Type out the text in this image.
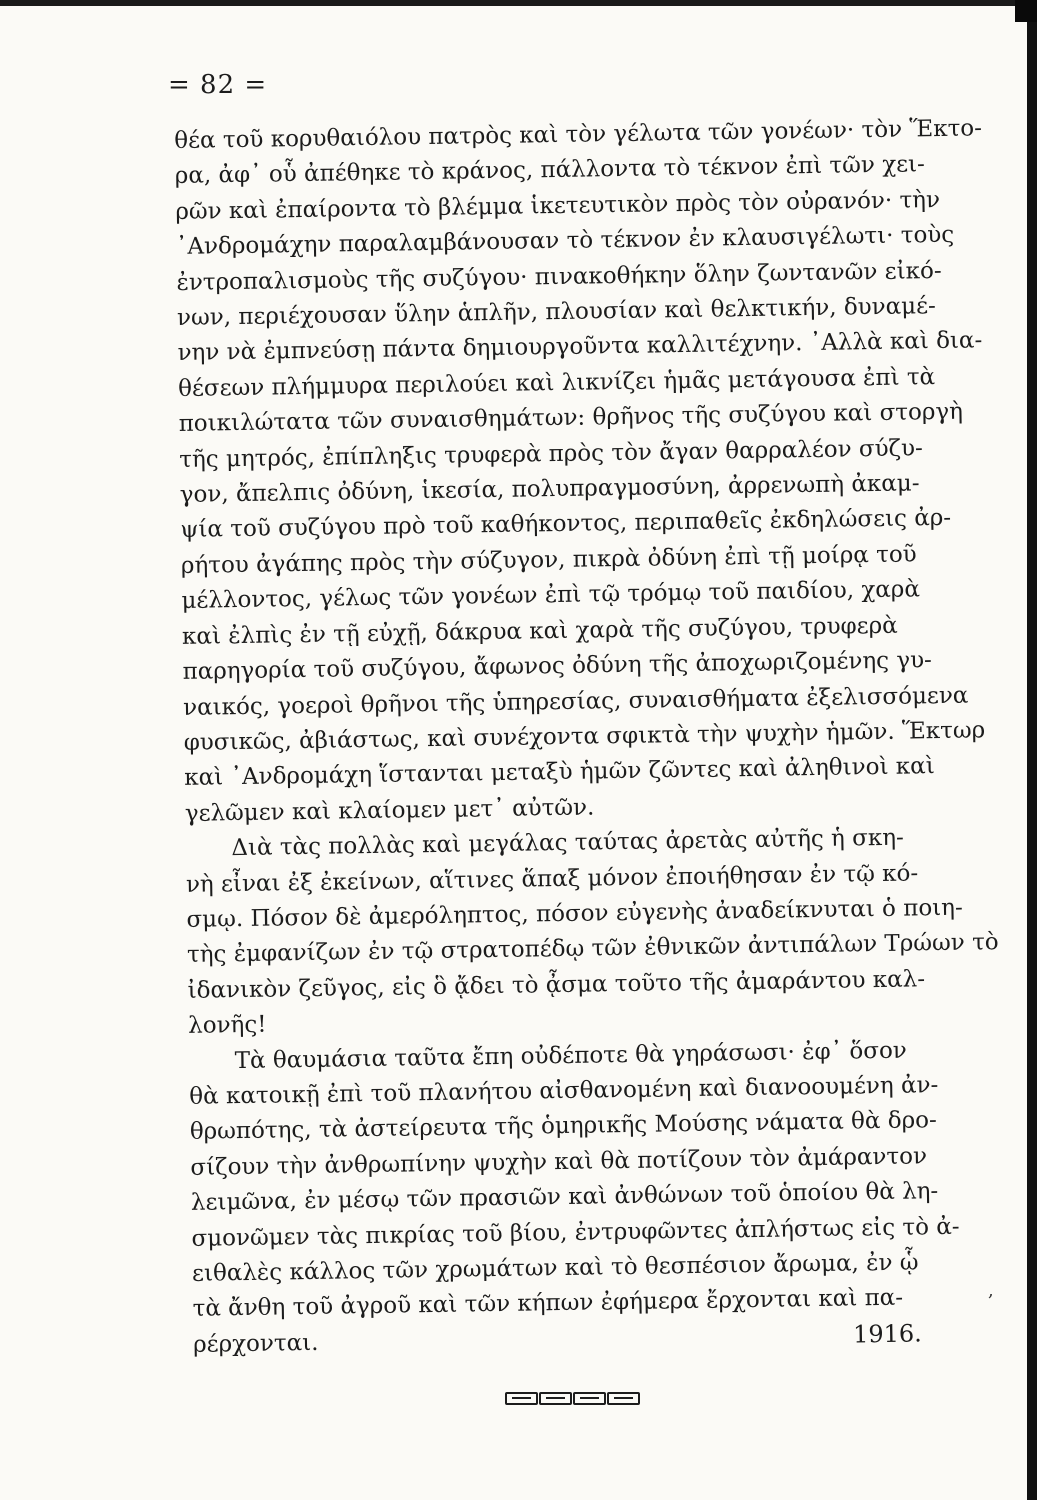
= 82 =
θέα τοῦ κορυθαιόλου πατρὸς καὶ τὸν γέλωτα τῶν γονέων· τὸν Ἕκτο-
ρα, ἀφ᾽ οὗ ἀπέθηκε τὸ κράνος, πάλλοντα τὸ τέκνον ἐπὶ τῶν χει-
ρῶν καὶ ἐπαίροντα τὸ βλέμμα ἱκετευτικὸν πρὸς τὸν οὐρανόν· τὴν
᾽Ανδρομάχην παραλαμβάνουσαν τὸ τέκνον ἐν κλαυσιγέλωτι· τοὺς
ἐντροπαλισμοὺς τῆς συζύγου· πινακοθήκην ὅλην ζωντανῶν εἰκό-
νων, περιέχουσαν ὕλην ἁπλῆν, πλουσίαν καὶ θελκτικήν, δυναμέ-
νην νὰ ἐμπνεύσῃ πάντα δημιουργοῦντα καλλιτέχνην. ᾽Αλλὰ καὶ δια-
θέσεων πλήμμυρα περιλούει καὶ λικνίζει ἡμᾶς μετάγουσα ἐπὶ τὰ
ποικιλώτατα τῶν συναισθημάτων: θρῆνος τῆς συζύγου καὶ στοργὴ
τῆς μητρός, ἐπίπληξις τρυφερὰ πρὸς τὸν ἄγαν θαρραλέον σύζυ-
γον, ἄπελπις ὀδύνη, ἱκεσία, πολυπραγμοσύνη, ἀρρενωπὴ ἀκαμ-
ψία τοῦ συζύγου πρὸ τοῦ καθήκοντος, περιπαθεῖς ἐκδηλώσεις ἀρ-
ρήτου ἀγάπης πρὸς τὴν σύζυγον, πικρὰ ὀδύνη ἐπὶ τῇ μοίρᾳ τοῦ
μέλλοντος, γέλως τῶν γονέων ἐπὶ τῷ τρόμῳ τοῦ παιδίου, χαρὰ
καὶ ἐλπὶς ἐν τῇ εὐχῇ, δάκρυα καὶ χαρὰ τῆς συζύγου, τρυφερὰ
παρηγορία τοῦ συζύγου, ἄφωνος ὀδύνη τῆς ἀποχωριζομένης γυ-
ναικός, γοεροὶ θρῆνοι τῆς ὑπηρεσίας, συναισθήματα ἐξελισσόμενα
φυσικῶς, ἀβιάστως, καὶ συνέχοντα σφικτὰ τὴν ψυχὴν ἡμῶν. Ἕκτωρ
καὶ ᾽Ανδρομάχη ἵστανται μεταξὺ ἡμῶν ζῶντες καὶ ἀληθινοὶ καὶ
γελῶμεν καὶ κλαίομεν μετ᾽ αὐτῶν.
Διὰ τὰς πολλὰς καὶ μεγάλας ταύτας ἀρετὰς αὐτῆς ἡ σκη-
νὴ εἶναι ἐξ ἐκείνων, αἵτινες ἅπαξ μόνον ἐποιήθησαν ἐν τῷ κό-
σμῳ. Πόσον δὲ ἀμερόληπτος, πόσον εὐγενὴς ἀναδείκνυται ὁ ποιη-
τὴς ἐμφανίζων ἐν τῷ στρατοπέδῳ τῶν ἐθνικῶν ἀντιπάλων Τρώων τὸ
ἰδανικὸν ζεῦγος, εἰς ὃ ᾄδει τὸ ᾆσμα τοῦτο τῆς ἀμαράντου καλ-
λονῆς!
Τὰ θαυμάσια ταῦτα ἔπη οὐδέποτε θὰ γηράσωσι· ἐφ᾽ ὅσον
θὰ κατοικῇ ἐπὶ τοῦ πλανήτου αἰσθανομένη καὶ διανοουμένη ἀν-
θρωπότης, τὰ ἀστείρευτα τῆς ὁμηρικῆς Μούσης νάματα θὰ δρο-
σίζουν τὴν ἀνθρωπίνην ψυχὴν καὶ θὰ ποτίζουν τὸν ἀμάραντον
λειμῶνα, ἐν μέσῳ τῶν πρασιῶν καὶ ἀνθώνων τοῦ ὁποίου θὰ λη-
σμονῶμεν τὰς πικρίας τοῦ βίου, ἐντρυφῶντες ἀπλήστως εἰς τὸ ἀ-
ειθαλὲς κάλλος τῶν χρωμάτων καὶ τὸ θεσπέσιον ἄρωμα, ἐν ᾧ
τὰ ἄνθη τοῦ ἀγροῦ καὶ τῶν κήπων ἐφήμερα ἔρχονται καὶ πα-
ρέρχονται.	1916.
,
